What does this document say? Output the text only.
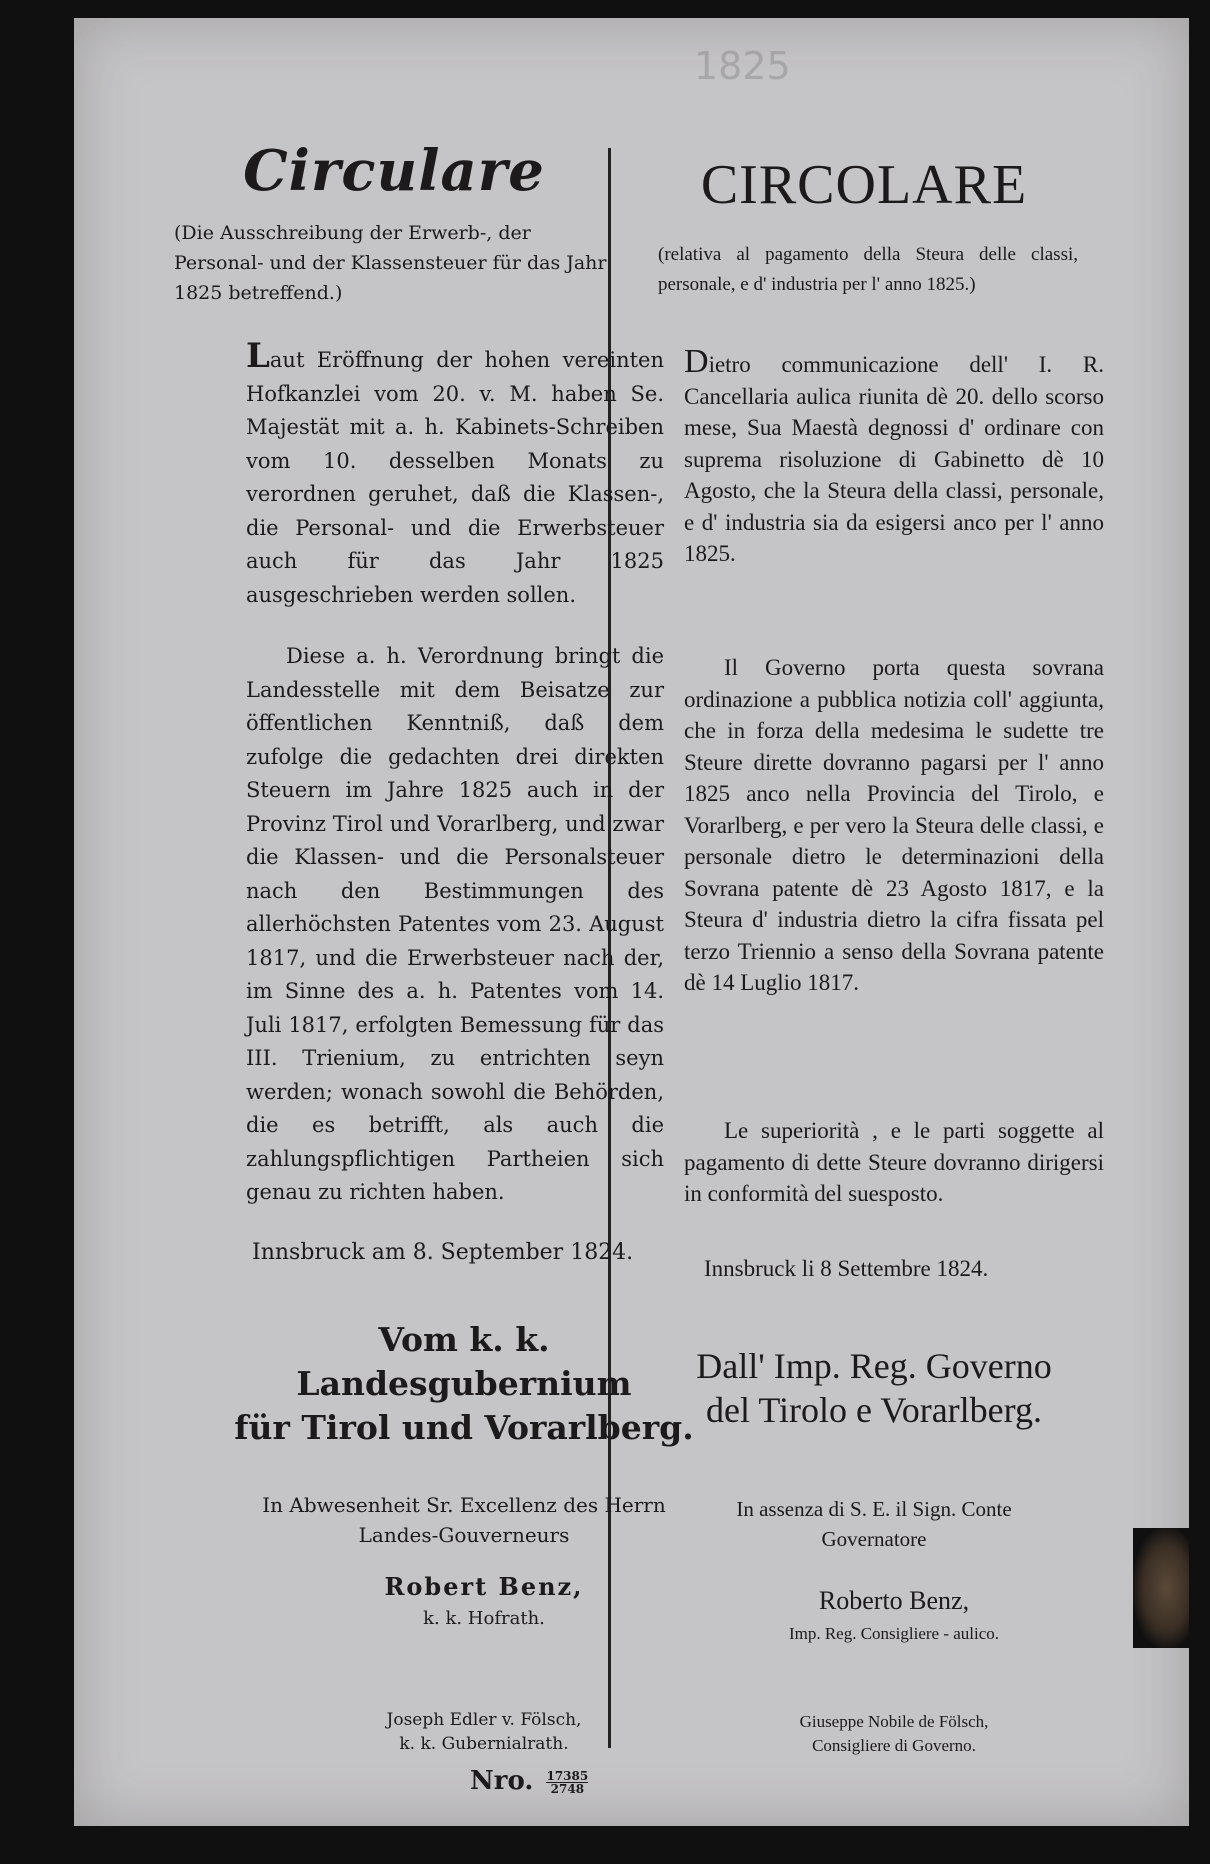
1825
Circulare
(Die Ausschreibung der Erwerb-, der Personal- und der Klassensteuer für das Jahr 1825 betreffend.)
Laut Eröffnung der hohen vereinten Hofkanzlei vom 20. v. M. haben Se. Majestät mit a. h. Kabinets-Schreiben vom 10. desselben Monats zu verordnen geruhet, daß die Klassen-, die Personal- und die Erwerbsteuer auch für das Jahr 1825 ausgeschrieben werden sollen.
Diese a. h. Verordnung bringt die Landesstelle mit dem Beisatze zur öffentlichen Kenntniß, daß dem zufolge die gedachten drei direkten Steuern im Jahre 1825 auch in der Provinz Tirol und Vorarlberg, und zwar die Klassen- und die Personalsteuer nach den Bestimmungen des allerhöchsten Patentes vom 23. August 1817, und die Erwerbsteuer nach der, im Sinne des a. h. Patentes vom 14. Juli 1817, erfolgten Bemessung für das III. Trienium, zu entrichten seyn werden; wonach sowohl die Behörden, die es betrifft, als auch die zahlungspflichtigen Partheien sich genau zu richten haben.
Innsbruck am 8. September 1824.
Vom k. k. Landesgubernium
für Tirol und Vorarlberg.
In Abwesenheit Sr. Excellenz des Herrn
Landes-Gouverneurs
Robert Benz,
k. k. Hofrath.
Joseph Edler v. Fölsch,
k. k. Gubernialrath.
CIRCOLARE
(relativa al pagamento della Steura delle classi, personale, e d' industria per l' anno 1825.)
Dietro communicazione dell' I. R. Cancellaria aulica riunita dè 20. dello scorso mese, Sua Maestà degnossi d' ordinare con suprema risoluzione di Gabinetto dè 10 Agosto, che la Steura della classi, personale, e d' industria sia da esigersi anco per l' anno 1825.
Il Governo porta questa sovrana ordinazione a pubblica notizia coll' aggiunta, che in forza della medesima le sudette tre Steure dirette dovranno pagarsi per l' anno 1825 anco nella Provincia del Tirolo, e Vorarlberg, e per vero la Steura delle classi, e personale dietro le determinazioni della Sovrana patente dè 23 Agosto 1817, e la Steura d' industria dietro la cifra fissata pel terzo Triennio a senso della Sovrana patente dè 14 Luglio 1817.
Le superiorità , e le parti soggette al pagamento di dette Steure dovranno dirigersi in conformità del suesposto.
Innsbruck li 8 Settembre 1824.
Dall' Imp. Reg. Governo
del Tirolo e Vorarlberg.
In assenza di S. E. il Sign. Conte
Governatore
Roberto Benz,
Imp. Reg. Consigliere - aulico.
Giuseppe Nobile de Fölsch,
Consigliere di Governo.
Nro. $\frac{17385}{2748}$
